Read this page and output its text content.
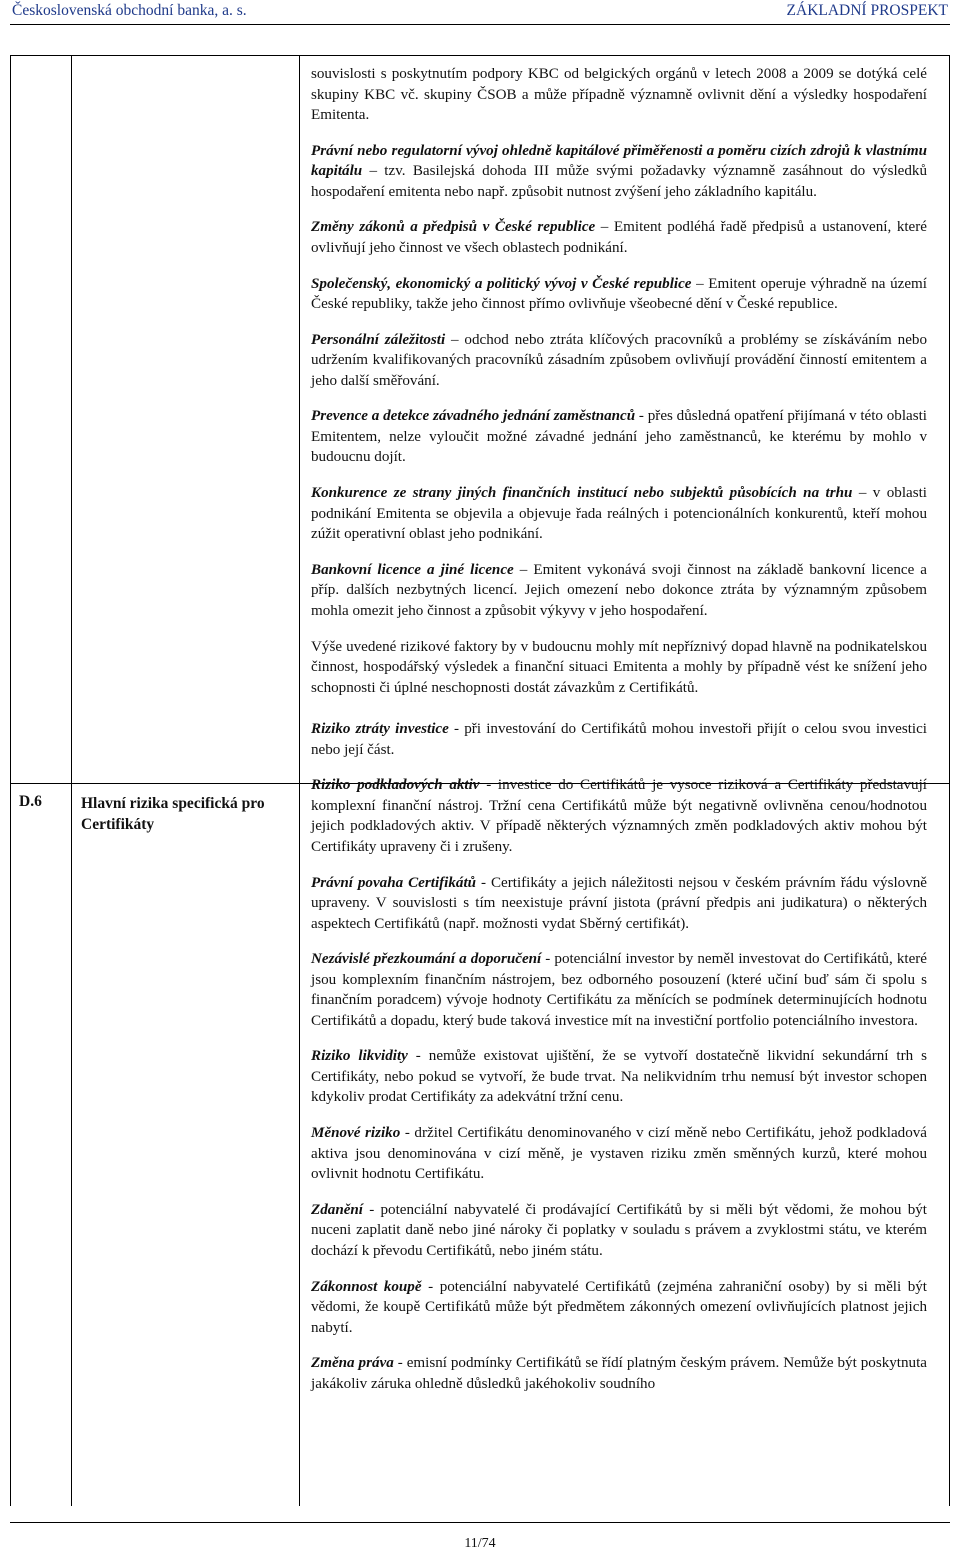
Československá obchodní banka, a. s.	ZÁKLADNÍ PROSPEKT
D.6	Hlavní rizika specifická pro Certifikáty

souvislosti s poskytnutím podpory KBC od belgických orgánů v letech 2008 a 2009 se dotýká celé skupiny KBC vč. skupiny ČSOB a může případně významně ovlivnit dění a výsledky hospodaření Emitenta.

Právní nebo regulatorní vývoj ohledně kapitálové přiměřenosti a poměru cizích zdrojů k vlastnímu kapitálu – tzv. Basilejská dohoda III může svými požadavky významně zasáhnout do výsledků hospodaření emitenta nebo např. způsobit nutnost zvýšení jeho základního kapitálu.

Změny zákonů a předpisů v České republice – Emitent podléhá řadě předpisů a ustanovení, které ovlivňují jeho činnost ve všech oblastech podnikání.

Společenský, ekonomický a politický vývoj v České republice – Emitent operuje výhradně na území České republiky, takže jeho činnost přímo ovlivňuje všeobecné dění v České republice.

Personální záležitosti – odchod nebo ztráta klíčových pracovníků a problémy se získáváním nebo udržením kvalifikovaných pracovníků zásadním způsobem ovlivňují provádění činností emitentem a jeho další směřování.

Prevence a detekce závadného jednání zaměstnanců - přes důsledná opatření přijímaná v této oblasti Emitentem, nelze vyloučit možné závadné jednání jeho zaměstnanců, ke kterému by mohlo v budoucnu dojít.

Konkurence ze strany jiných finančních institucí nebo subjektů působících na trhu – v oblasti podnikání Emitenta se objevila a objevuje řada reálných i potencionálních konkurentů, kteří mohou zúžit operativní oblast jeho podnikání.

Bankovní licence a jiné licence – Emitent vykonává svoji činnost na základě bankovní licence a příp. dalších nezbytných licencí. Jejich omezení nebo dokonce ztráta by významným způsobem mohla omezit jeho činnost a způsobit výkyvy v jeho hospodaření.

Výše uvedené rizikové faktory by v budoucnu mohly mít nepříznivý dopad hlavně na podnikatelskou činnost, hospodářský výsledek a finanční situaci Emitenta a mohly by případně vést ke snížení jeho schopnosti či úplné neschopnosti dostát závazkům z Certifikátů.

Riziko ztráty investice - při investování do Certifikátů mohou investoři přijít o celou svou investici nebo její část.

Riziko podkladových aktiv - investice do Certifikátů je vysoce riziková a Certifikáty představují komplexní finanční nástroj. Tržní cena Certifikátů může být negativně ovlivněna cenou/hodnotou jejich podkladových aktiv. V případě některých významných změn podkladových aktiv mohou být Certifikáty upraveny či i zrušeny.

Právní povaha Certifikátů - Certifikáty a jejich náležitosti nejsou v českém právním řádu výslovně upraveny. V souvislosti s tím neexistuje právní jistota (právní předpis ani judikatura) o některých aspektech Certifikátů (např. možnosti vydat Sběrný certifikát).

Nezávislé přezkoumání a doporučení - potenciální investor by neměl investovat do Certifikátů, které jsou komplexním finančním nástrojem, bez odborného posouzení (které učiní buď sám či spolu s finančním poradcem) vývoje hodnoty Certifikátu za měnících se podmínek determinujících hodnotu Certifikátů a dopadu, který bude taková investice mít na investiční portfolio potenciálního investora.

Riziko likvidity - nemůže existovat ujištění, že se vytvoří dostatečně likvidní sekundární trh s Certifikáty, nebo pokud se vytvoří, že bude trvat. Na nelikvidním trhu nemusí být investor schopen kdykoliv prodat Certifikáty za adekvátní tržní cenu.

Měnové riziko - držitel Certifikátu denominovaného v cizí měně nebo Certifikátu, jehož podkladová aktiva jsou denominována v cizí měně, je vystaven riziku změn směnných kurzů, které mohou ovlivnit hodnotu Certifikátu.

Zdanění - potenciální nabyvatelé či prodávající Certifikátů by si měli být vědomi, že mohou být nuceni zaplatit daně nebo jiné nároky či poplatky v souladu s právem a zvyklostmi státu, ve kterém dochází k převodu Certifikátů, nebo jiném státu.

Zákonnost koupě - potenciální nabyvatelé Certifikátů (zejména zahraniční osoby) by si měli být vědomi, že koupě Certifikátů může být předmětem zákonných omezení ovlivňujících platnost jejich nabytí.

Změna práva - emisní podmínky Certifikátů se řídí platným českým právem. Nemůže být poskytnuta jakákoliv záruka ohledně důsledků jakéhokoliv soudního

11/74
